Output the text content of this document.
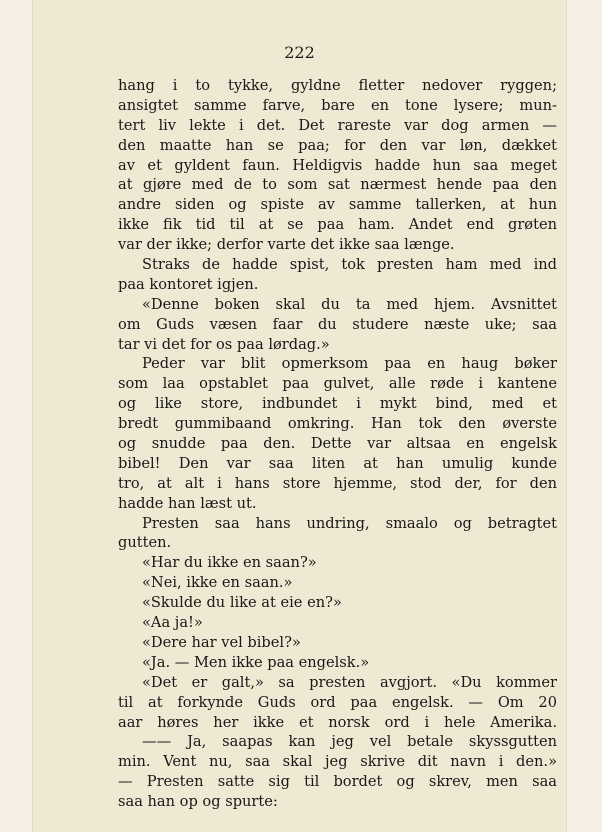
222
hang i to tykke, gyldne fletter nedover ryggen;
ansigtet samme farve, bare en tone lysere; mun-
tert liv lekte i det. Det rareste var dog armen —
den maatte han se paa; for den var løn, dækket
av et gyldent faun. Heldigvis hadde hun saa meget
at gjøre med de to som sat nærmest hende paa den
andre siden og spiste av samme tallerken, at hun
ikke fik tid til at se paa ham. Andet end grøten
var der ikke; derfor varte det ikke saa længe.
Straks de hadde spist, tok presten ham med ind
paa kontoret igjen.
«Denne boken skal du ta med hjem. Avsnittet
om Guds væsen faar du studere næste uke; saa
tar vi det for os paa lørdag.»
Peder var blit opmerksom paa en haug bøker
som laa opstablet paa gulvet, alle røde i kantene
og like store, indbundet i mykt bind, med et
bredt gummibaand omkring. Han tok den øverste
og snudde paa den. Dette var altsaa en engelsk
bibel! Den var saa liten at han umulig kunde
tro, at alt i hans store hjemme, stod der, for den
hadde han læst ut.
Presten saa hans undring, smaalo og betragtet
gutten.
«Har du ikke en saan?»
«Nei, ikke en saan.»
«Skulde du like at eie en?»
«Aa ja!»
«Dere har vel bibel?»
«Ja. — Men ikke paa engelsk.»
«Det er galt,» sa presten avgjort. «Du kommer
til at forkynde Guds ord paa engelsk. — Om 20
aar høres her ikke et norsk ord i hele Amerika.
—— Ja, saapas kan jeg vel betale skyssgutten
min. Vent nu, saa skal jeg skrive dit navn i den.»
— Presten satte sig til bordet og skrev, men saa
saa han op og spurte:
